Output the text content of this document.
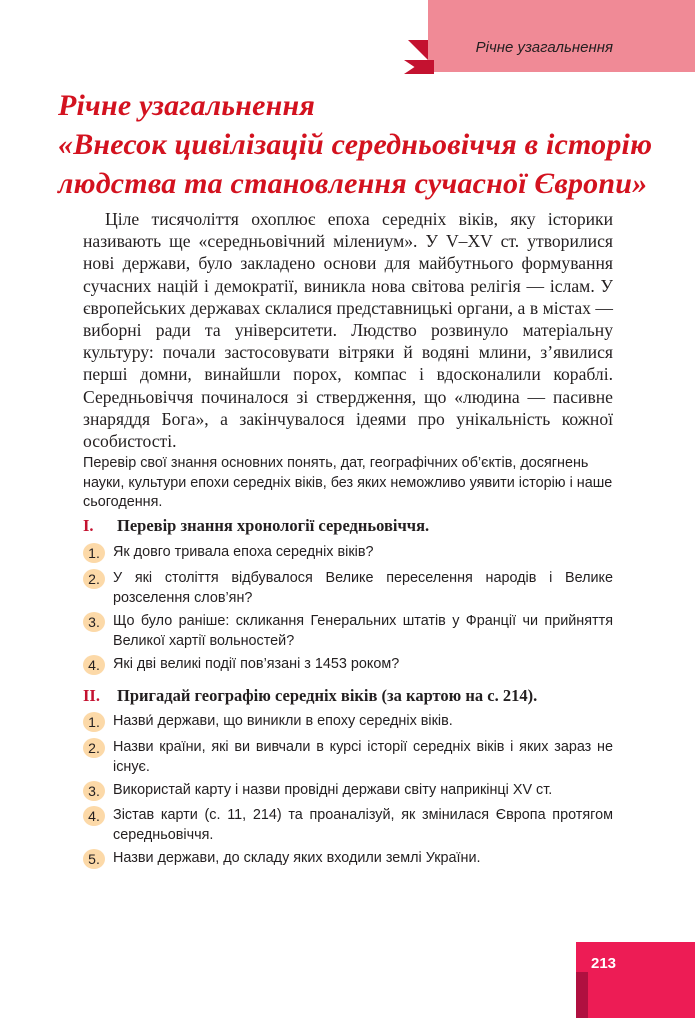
Річне узагальнення
Річне узагальнення
«Внесок цивілізацій середньовіччя в історію
людства та становлення сучасної Європи»

Ціле тисячоліття охоплює епоха середніх віків, яку історики називають ще «середньовічний мілениум». У V–XV ст. утворилися нові держави, було закладено основи для майбутнього формування сучасних націй і демократії, виникла нова світова релігія — іслам. У європейських державах склалися представницькі органи, а в містах — виборні ради та університети. Людство розвинуло матеріальну культуру: почали застосовувати вітряки й водяні млини, з’явилися перші домни, винайшли порох, компас і вдосконалили кораблі. Середньовіччя починалося зі ствердження, що «людина — пасивне знаряддя Бога», а закінчувалося ідеями про унікальність кожної особистості.

Перевір свої знання основних понять, дат, географічних об’єктів, досягнень науки, культури епохи середніх віків, без яких неможливо уявити історію і наше сьогодення.

I. Перевір знання хронології середньовіччя.
1. Як довго тривала епоха середніх віків?
2. У які століття відбувалося Велике переселення народів і Велике розселення слов’ян?
3. Що було раніше: скликання Генеральних штатів у Франції чи прийняття Великої хартії вольностей?
4. Які дві великі події пов’язані з 1453 роком?
II. Пригадай географію середніх віків (за картою на с. 214).
1. Назви́ держави, що виникли в епоху середніх віків.
2. Назви країни, які ви вивчали в курсі історії середніх віків і яких зараз не існує.
3. Використай карту і назви провідні держави світу наприкінці XV ст.
4. Зістав карти (с. 11, 214) та проаналізуй, як змінилася Європа протягом середньовіччя.
5. Назви держави, до складу яких входили землі України.
213
